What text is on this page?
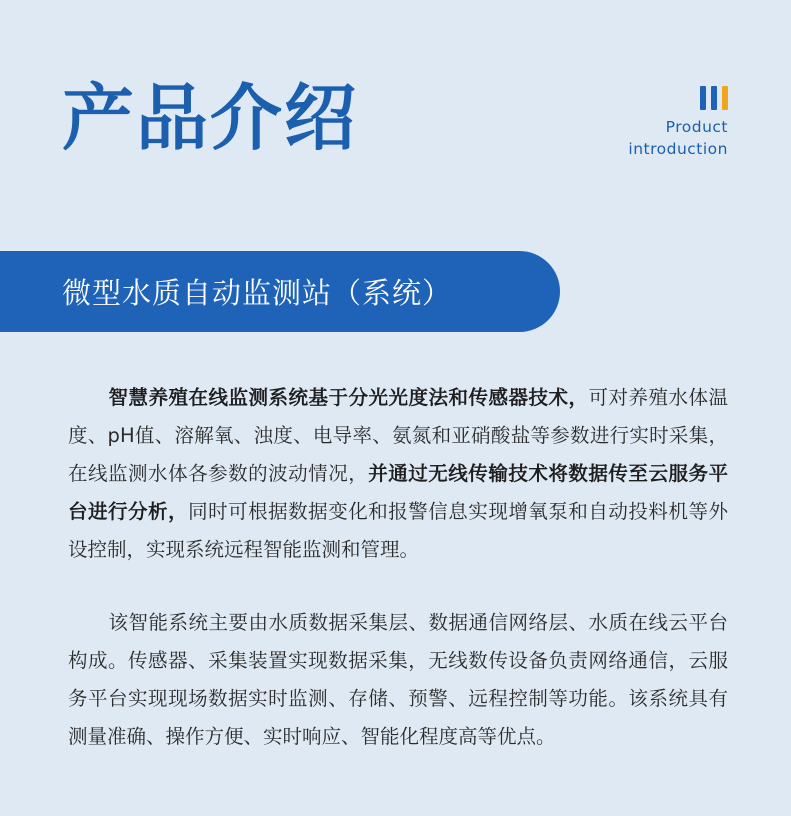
产品介绍	Product
introduction
微型水质自动监测站（系统）

智慧养殖在线监测系统基于分光光度法和传感器技术，可对养殖水体温度、pH值、溶解氧、浊度、电导率、氨氮和亚硝酸盐等参数进行实时采集，在线监测水体各参数的波动情况，并通过无线传输技术将数据传至云服务平台进行分析，同时可根据数据变化和报警信息实现增氧泵和自动投料机等外设控制，实现系统远程智能监测和管理。

该智能系统主要由水质数据采集层、数据通信网络层、水质在线云平台构成。传感器、采集装置实现数据采集，无线数传设备负责网络通信，云服务平台实现现场数据实时监测、存储、预警、远程控制等功能。该系统具有测量准确、操作方便、实时响应、智能化程度高等优点。
